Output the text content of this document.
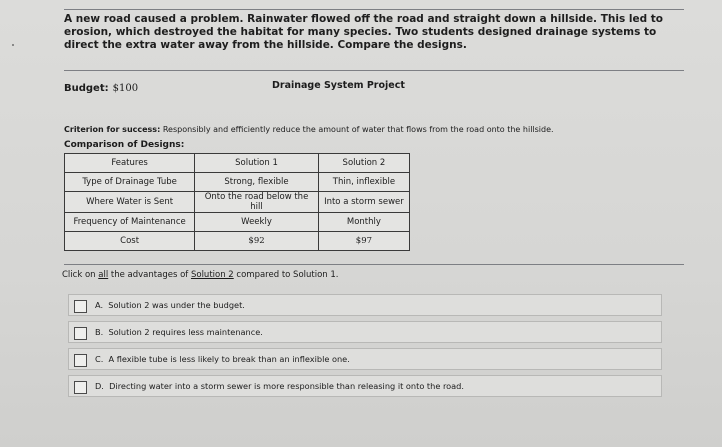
A new road caused a problem. Rainwater flowed off the road and straight down a hillside. This led to erosion, which destroyed the habitat for many species. Two students designed drainage systems to direct the extra water away from the hillside. Compare the designs.
Budget: $100	Drainage System Project
Criterion for success: Responsibly and efficiently reduce the amount of water that flows from the road onto the hillside.
Comparison of Designs:
Features	Solution 1	Solution 2
Type of Drainage Tube	Strong, flexible	Thin, inflexible
Where Water is Sent	Onto the road below the hill	Into a storm sewer
Frequency of Maintenance	Weekly	Monthly
Cost	$92	$97
Click on all the advantages of Solution 2 compared to Solution 1.
A. Solution 2 was under the budget.
B. Solution 2 requires less maintenance.
C. A flexible tube is less likely to break than an inflexible one.
D. Directing water into a storm sewer is more responsible than releasing it onto the road.
